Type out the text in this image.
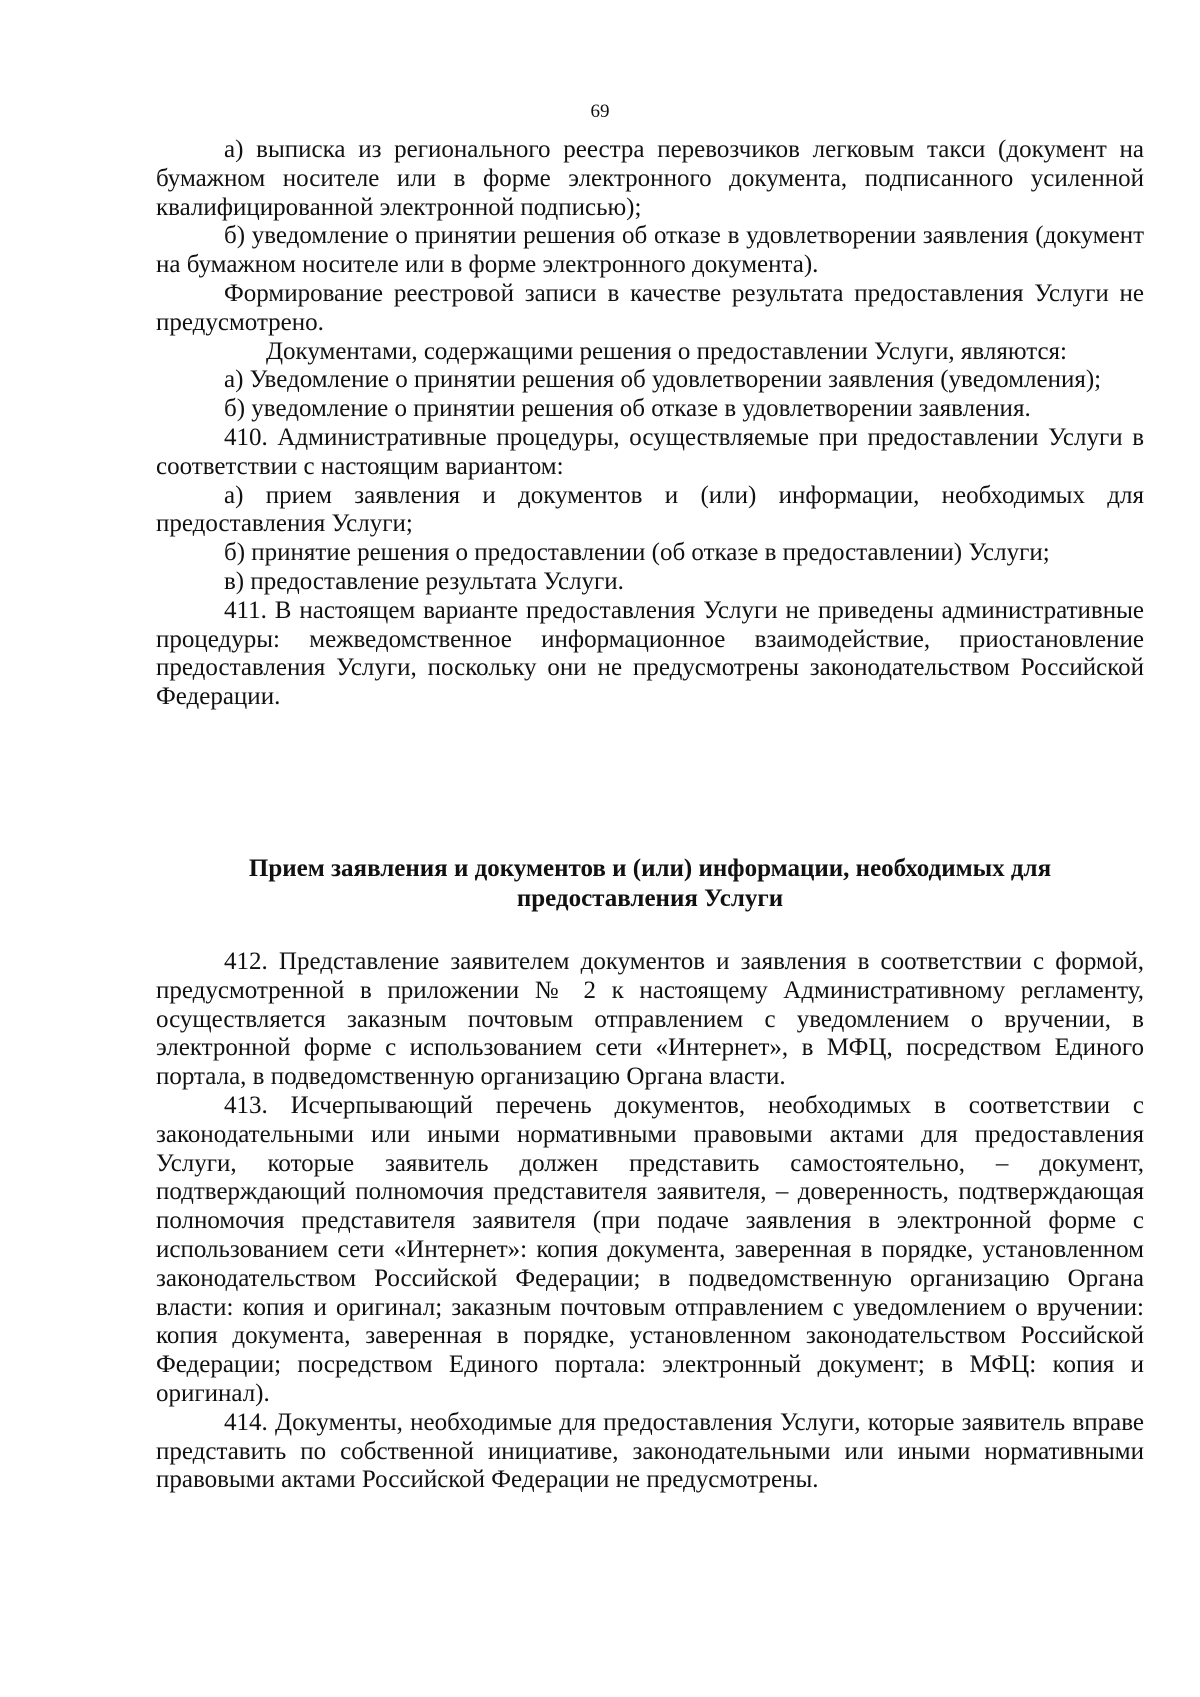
69

а) выписка из регионального реестра перевозчиков легковым такси (документ на бумажном носителе или в форме электронного документа, подписанного усиленной квалифицированной электронной подписью);

б) уведомление о принятии решения об отказе в удовлетворении заявления (документ на бумажном носителе или в форме электронного документа).

Формирование реестровой записи в качестве результата предоставления Услуги не предусмотрено.

Документами, содержащими решения о предоставлении Услуги, являются:

а) Уведомление о принятии решения об удовлетворении заявления (уведомления);

б) уведомление о принятии решения об отказе в удовлетворении заявления.

410. Административные процедуры, осуществляемые при предоставлении Услуги в соответствии с настоящим вариантом:

а) прием заявления и документов и (или) информации, необходимых для предоставления Услуги;

б) принятие решения о предоставлении (об отказе в предоставлении) Услуги;

в) предоставление результата Услуги.

411. В настоящем варианте предоставления Услуги не приведены административные процедуры: межведомственное информационное взаимодействие, приостановление предоставления Услуги, поскольку они не предусмотрены законодательством Российской Федерации.

Прием заявления и документов и (или) информации, необходимых для
предоставления Услуги

412. Представление заявителем документов и заявления в соответствии с формой, предусмотренной в приложении № 2 к настоящему Административному регламенту, осуществляется заказным почтовым отправлением с уведомлением о вручении, в электронной форме с использованием сети «Интернет», в МФЦ, посредством Единого портала, в подведомственную организацию Органа власти.

413. Исчерпывающий перечень документов, необходимых в соответствии с законодательными или иными нормативными правовыми актами для предоставления Услуги, которые заявитель должен представить самостоятельно, – документ, подтверждающий полномочия представителя заявителя, – доверенность, подтверждающая полномочия представителя заявителя (при подаче заявления в электронной форме с использованием сети «Интернет»: копия документа, заверенная в порядке, установленном законодательством Российской Федерации; в подведомственную организацию Органа власти: копия и оригинал; заказным почтовым отправлением с уведомлением о вручении: копия документа, заверенная в порядке, установленном законодательством Российской Федерации; посредством Единого портала: электронный документ; в МФЦ: копия и оригинал).

414. Документы, необходимые для предоставления Услуги, которые заявитель вправе представить по собственной инициативе, законодательными или иными нормативными правовыми актами Российской Федерации не предусмотрены.
